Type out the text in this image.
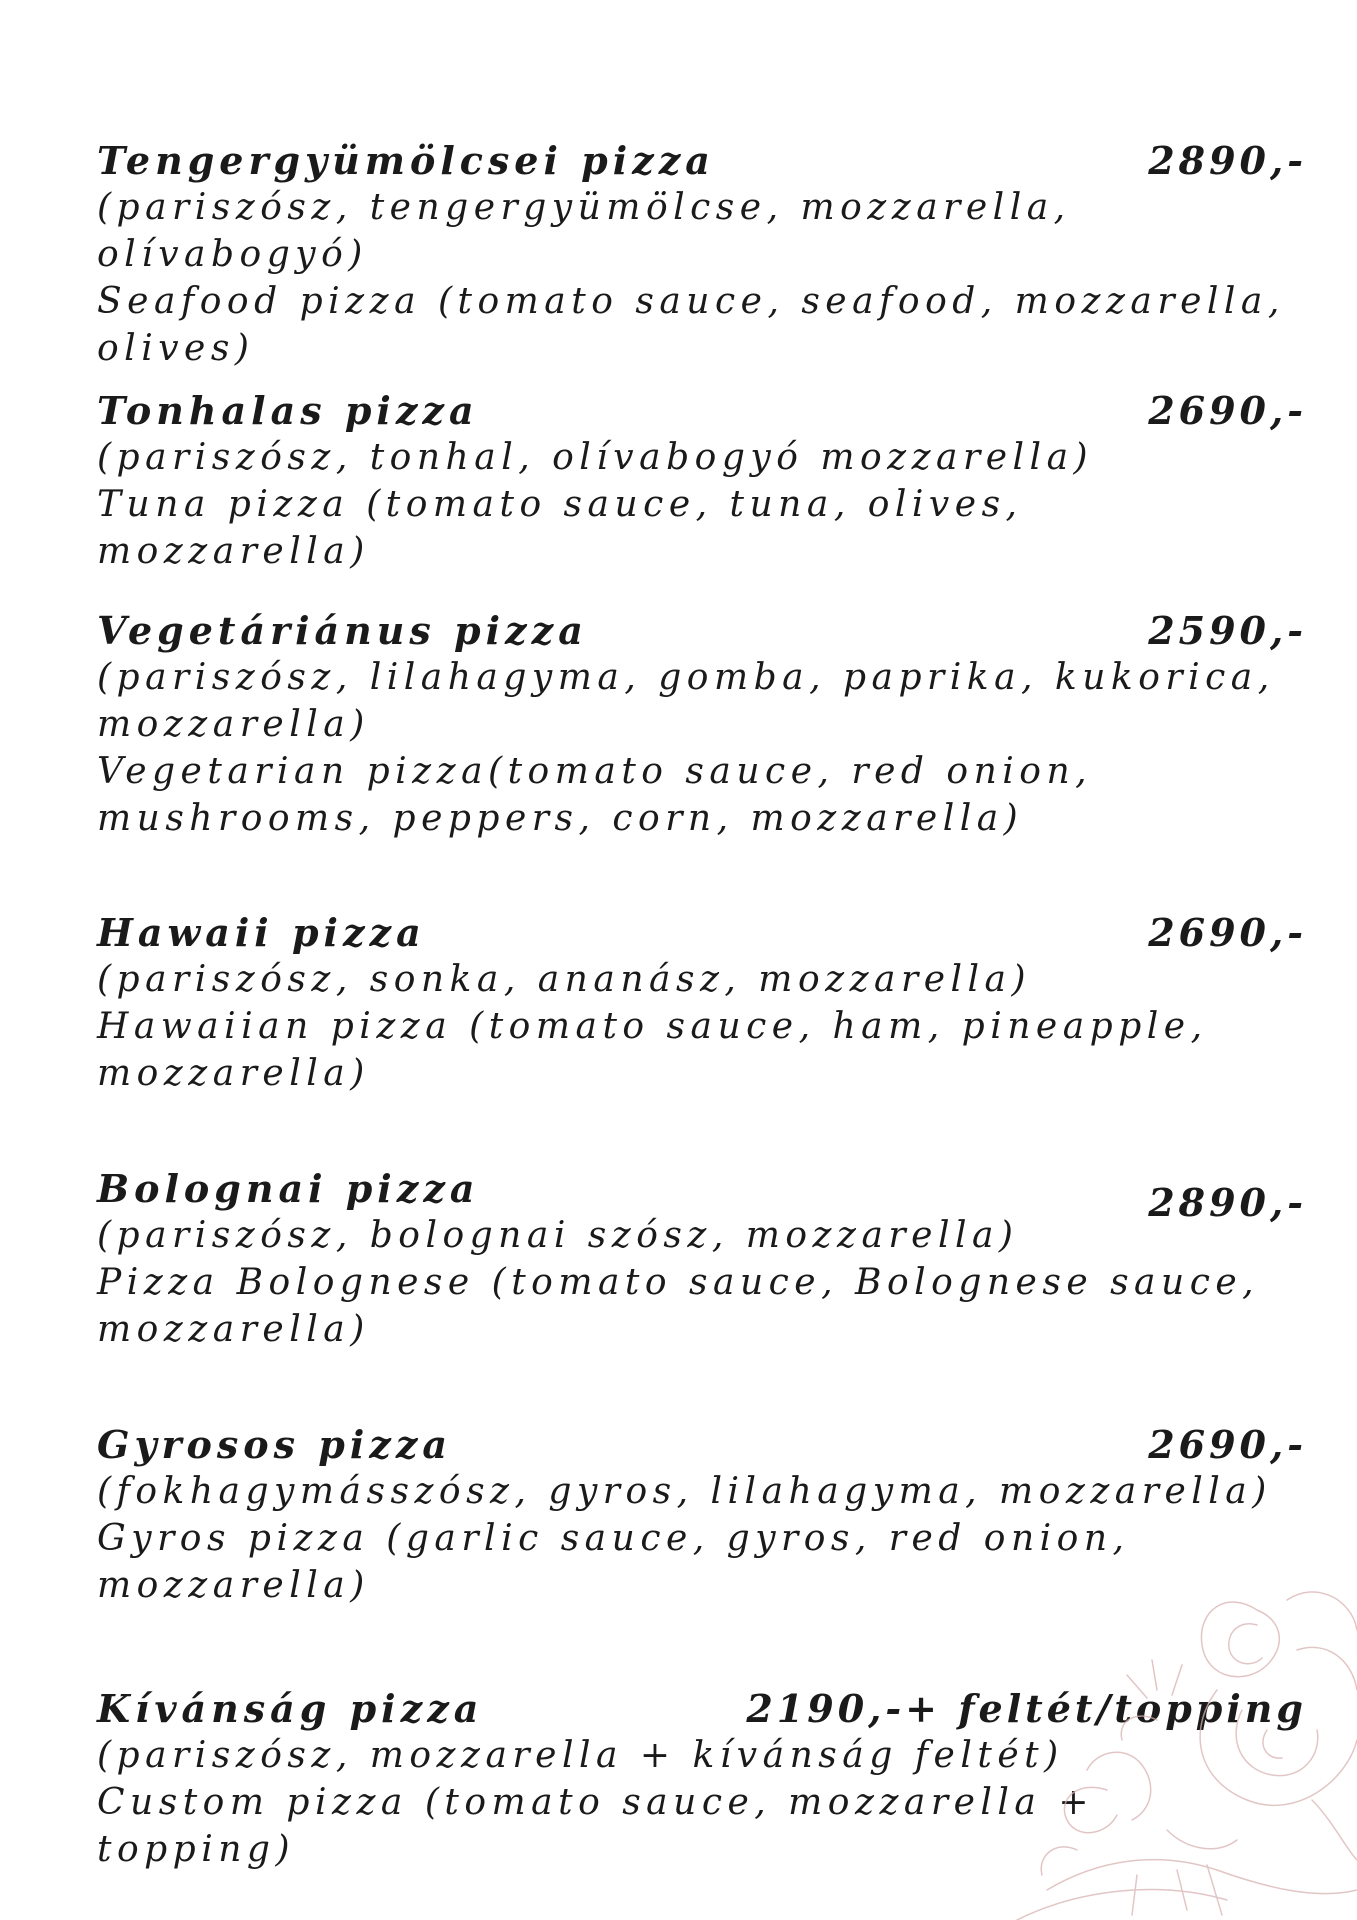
Tengergyümölcsei pizza	2890,-

(pariszósz, tengergyümölcse, mozzarella, olívabogyó)

Seafood pizza (tomato sauce, seafood, mozzarella, olives)

Tonhalas pizza	2690,-

(pariszósz, tonhal, olívabogyó mozzarella)

Tuna pizza (tomato sauce, tuna, olives, mozzarella)

Vegetáriánus pizza	2590,-

(pariszósz, lilahagyma, gomba, paprika, kukorica, mozzarella)

Vegetarian pizza(tomato sauce, red onion, mushrooms, peppers, corn, mozzarella)

Hawaii pizza	2690,-

(pariszósz, sonka, ananász, mozzarella)

Hawaiian pizza (tomato sauce, ham, pineapple, mozzarella)

Bolognai pizza	2890,-

(pariszósz, bolognai szósz, mozzarella)

Pizza Bolognese (tomato sauce, Bolognese sauce, mozzarella)

Gyrosos pizza	2690,-

(fokhagymásszósz, gyros, lilahagyma, mozzarella)

Gyros pizza (garlic sauce, gyros, red onion, mozzarella)

Kívánság pizza	2190,-+ feltét/topping

(pariszósz, mozzarella + kívánság feltét)

Custom pizza (tomato sauce, mozzarella + topping)
